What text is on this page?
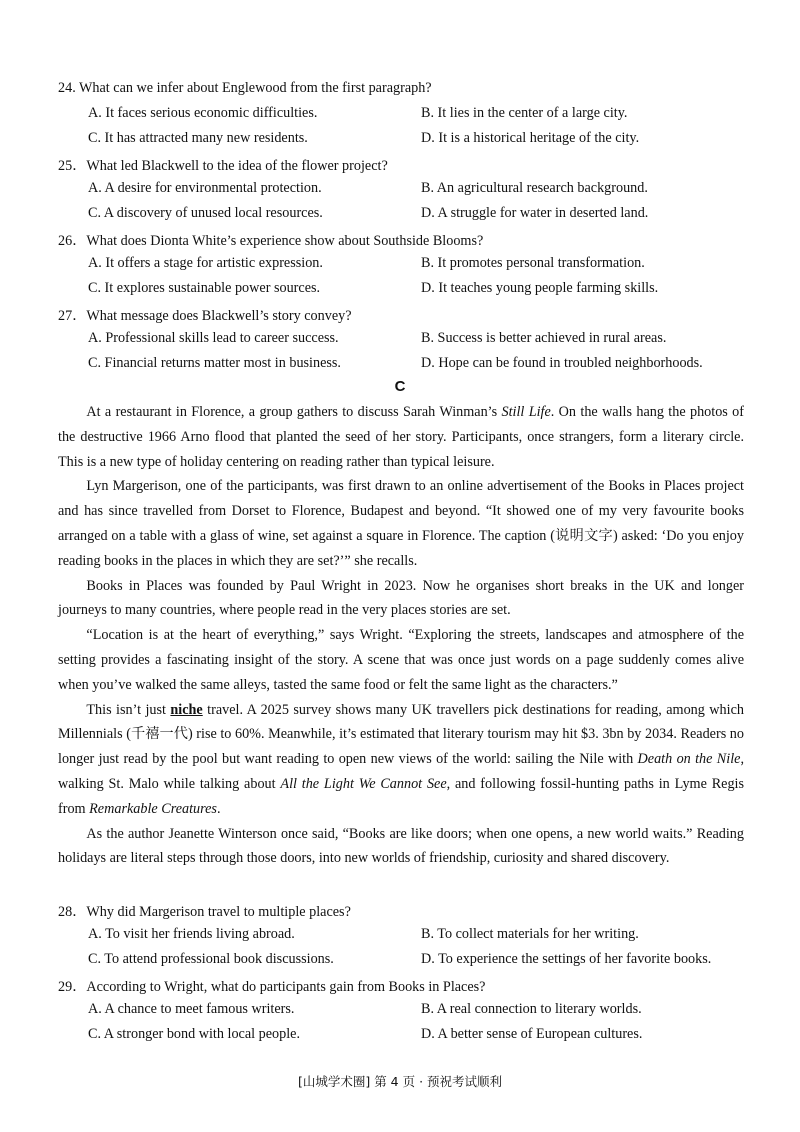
24. What can we infer about Englewood from the first paragraph?
A. It faces serious economic difficulties.	B. It lies in the center of a large city.
C. It has attracted many new residents.	D. It is a historical heritage of the city.
25．What led Blackwell to the idea of the flower project?
A. A desire for environmental protection.	B. An agricultural research background.
C. A discovery of unused local resources.	D. A struggle for water in deserted land.
26．What does Dionta White’s experience show about Southside Blooms?
A. It offers a stage for artistic expression.	B. It promotes personal transformation.
C. It explores sustainable power sources.	D. It teaches young people farming skills.
27．What message does Blackwell’s story convey?
A. Professional skills lead to career success.	B. Success is better achieved in rural areas.
C. Financial returns matter most in business.	D. Hope can be found in troubled neighborhoods.
C

At a restaurant in Florence, a group gathers to discuss Sarah Winman’s Still Life. On the walls hang the photos of the destructive 1966 Arno flood that planted the seed of her story. Participants, once strangers, form a literary circle. This is a new type of holiday centering on reading rather than typical leisure.

Lyn Margerison, one of the participants, was first drawn to an online advertisement of the Books in Places project and has since travelled from Dorset to Florence, Budapest and beyond. “It showed one of my very favourite books arranged on a table with a glass of wine, set against a square in Florence. The caption (说明文字) asked: ‘Do you enjoy reading books in the places in which they are set?’” she recalls.

Books in Places was founded by Paul Wright in 2023. Now he organises short breaks in the UK and longer journeys to many countries, where people read in the very places stories are set.

“Location is at the heart of everything,” says Wright. “Exploring the streets, landscapes and atmosphere of the setting provides a fascinating insight of the story. A scene that was once just words on a page suddenly comes alive when you’ve walked the same alleys, tasted the same food or felt the same light as the characters.”

This isn’t just niche travel. A 2025 survey shows many UK travellers pick destinations for reading, among which Millennials (千禧一代) rise to 60%. Meanwhile, it’s estimated that literary tourism may hit $3. 3bn by 2034. Readers no longer just read by the pool but want reading to open new views of the world: sailing the Nile with Death on the Nile, walking St. Malo while talking about All the Light We Cannot See, and following fossil-hunting paths in Lyme Regis from Remarkable Creatures.

As the author Jeanette Winterson once said, “Books are like doors; when one opens, a new world waits.” Reading holidays are literal steps through those doors, into new worlds of friendship, curiosity and shared discovery.

28．Why did Margerison travel to multiple places?
A. To visit her friends living abroad.	B. To collect materials for her writing.
C. To attend professional book discussions.	D. To experience the settings of her favorite books.
29．According to Wright, what do participants gain from Books in Places?
A. A chance to meet famous writers.	B. A real connection to literary worlds.
C. A stronger bond with local people.	D. A better sense of European cultures.
[山城学术圈] 第 4 页 · 预祝考试顺利
